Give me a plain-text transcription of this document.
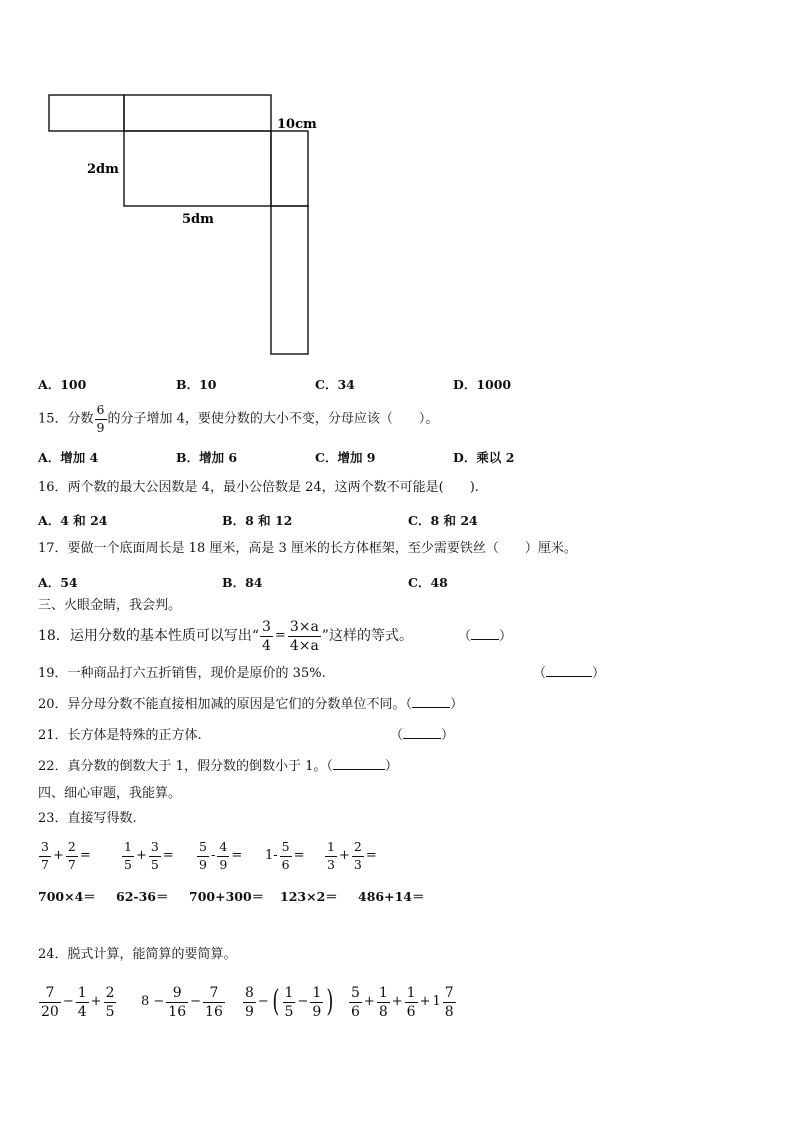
10cm
2dm
5dm
A．100	B．10	C．34	D．1000
15．分数 $\frac{6}{9}$ 的分子增加 4，要使分数的大小不变，分母应该（　　）。
A．增加 4	B．增加 6	C．增加 9	D．乘以 2
16．两个数的最大公因数是 4，最小公倍数是 24，这两个数不可能是(　　).
A．4 和 24	B．8 和 12	C．8 和 24
17．要做一个底面周长是 18 厘米，高是 3 厘米的长方体框架，至少需要铁丝（　　）厘米。
A．54	B．84	C．48
三、火眼金睛，我会判。
18．运用分数的基本性质可以写出“ $\frac{3}{4} = \frac{3\times a}{4\times a}$ ”这样的等式。	（ ）
19．一种商品打六五折销售，现价是原价的 35%.	（	）
20．异分母分数不能直接相加减的原因是它们的分数单位不同。（	）
21．长方体是特殊的正方体.	（	）
22．真分数的倒数大于 1，假分数的倒数小于 1。（	）
四、细心审题，我能算。
23．直接写得数.
$\frac{3}{7} + \frac{2}{7}$ =	$\frac{1}{5} + \frac{3}{5} = \frac{5}{9} - \frac{4}{9} = 1- \frac{5}{6} = \frac{1}{3} + \frac{2}{3}$ =
700×4＝ 62-36＝ 700+300＝ 123×2＝ 486+14＝
24．脱式计算，能简算的要简算。
$\frac{7}{20} - \frac{1}{4} + \frac{2}{5} 8 - \frac{9}{16} - \frac{7}{16} \frac{8}{9}$ − ( $\frac{1}{5} - \frac{1}{9}$ ) $\frac{5}{6} + \frac{1}{8} + \frac{1}{6} + 1 \frac{7}{8}$
